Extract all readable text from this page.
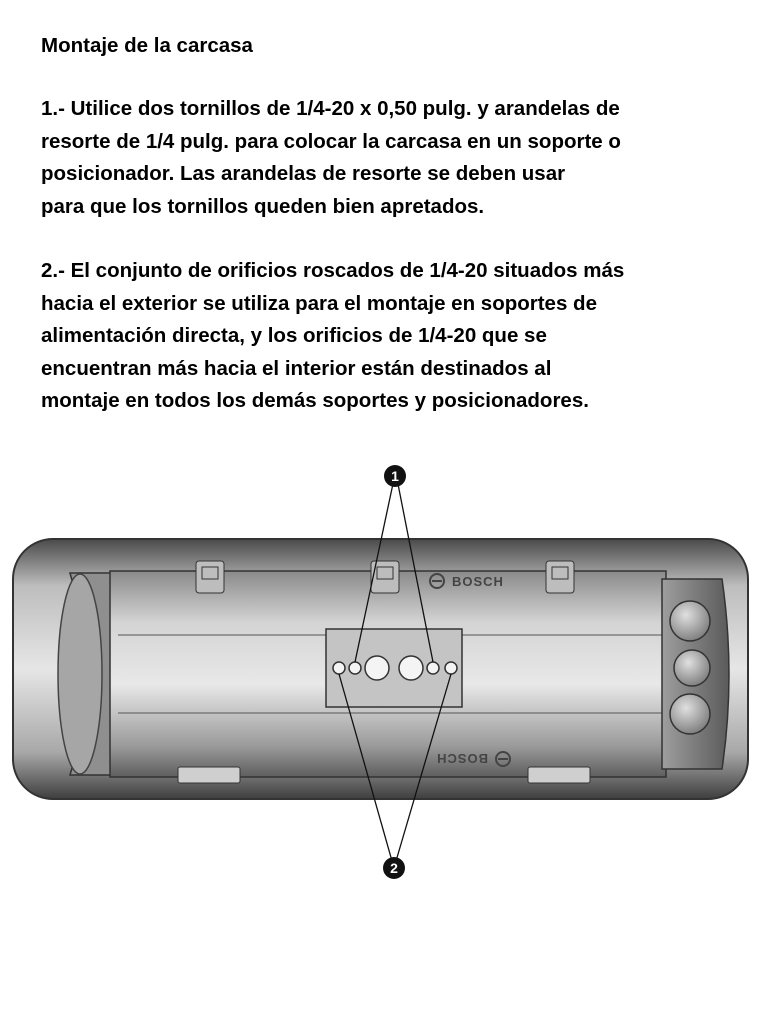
Montaje de la carcasa

1.- Utilice dos tornillos de 1/4-20 x 0,50 pulg. y arandelas de
resorte de 1/4 pulg. para colocar la carcasa en un soporte o
posicionador. Las arandelas de resorte se deben usar
para que los tornillos queden bien apretados.

2.- El conjunto de orificios roscados de 1/4-20 situados más
hacia el exterior se utiliza para el montaje en soportes de
alimentación directa, y los orificios de 1/4-20 que se
encuentran más hacia el interior están destinados al
montaje en todos los demás soportes y posicionadores.

BOSCH
BOSCH
1
2
